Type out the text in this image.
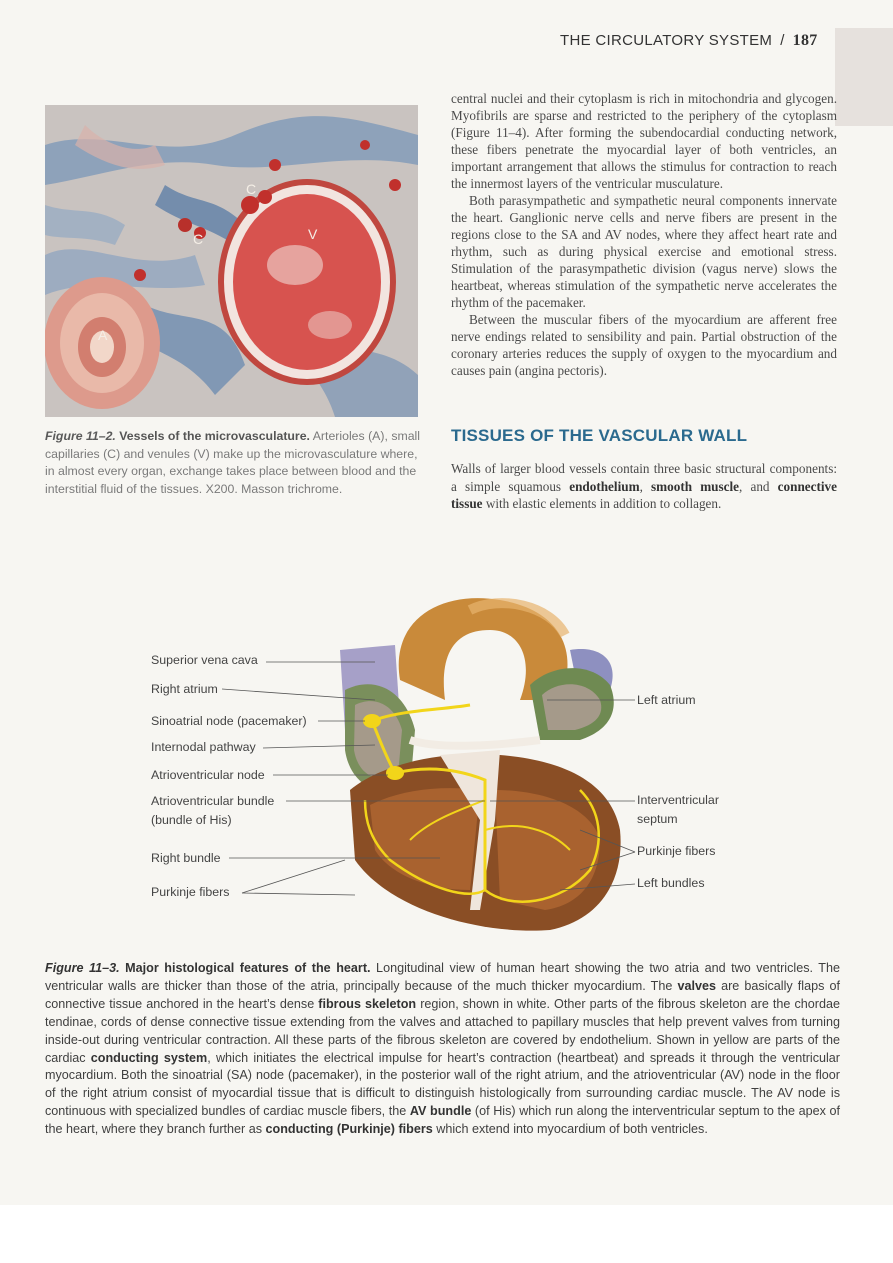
THE CIRCULATORY SYSTEM / 187
C
C	V
A
Figure 11–2. Vessels of the microvasculature. Arterioles (A), small capillaries (C) and venules (V) make up the microvasculature where, in almost every organ, exchange takes place between blood and the interstitial fluid of the tissues. X200. Masson trichrome.

central nuclei and their cytoplasm is rich in mitochondria and glycogen. Myofibrils are sparse and restricted to the periphery of the cytoplasm (Figure 11–4). After forming the subendocardial conducting network, these fibers penetrate the myocardial layer of both ventricles, an important arrangement that allows the stimulus for contraction to reach the innermost layers of the ventricular musculature.

Both parasympathetic and sympathetic neural components innervate the heart. Ganglionic nerve cells and nerve fibers are present in the regions close to the SA and AV nodes, where they affect heart rate and rhythm, such as during physical exercise and emotional stress. Stimulation of the parasympathetic division (vagus nerve) slows the heartbeat, whereas stimulation of the sympathetic nerve accelerates the rhythm of the pacemaker.

Between the muscular fibers of the myocardium are afferent free nerve endings related to sensibility and pain. Partial obstruction of the coronary arteries reduces the supply of oxygen to the myocardium and causes pain (angina pectoris).

TISSUES OF THE VASCULAR WALL
Walls of larger blood vessels contain three basic structural components: a simple squamous endothelium, smooth muscle, and connective tissue with elastic elements in addition to collagen.
Superior vena cava
Right atrium
Sinoatrial node (pacemaker)
Internodal pathway
Atrioventricular node
Atrioventricular bundle
(bundle of His)
Right bundle
Purkinje fibers
Left atrium
Interventricular
septum
Purkinje fibers
Left bundles
Figure 11–3. Major histological features of the heart. Longitudinal view of human heart showing the two atria and two ventricles. The ventricular walls are thicker than those of the atria, principally because of the much thicker myocardium. The valves are basically flaps of connective tissue anchored in the heart’s dense fibrous skeleton region, shown in white. Other parts of the fibrous skeleton are the chordae tendinae, cords of dense connective tissue extending from the valves and attached to papillary muscles that help prevent valves from turning inside-out during ventricular contraction. All these parts of the fibrous skeleton are covered by endothelium. Shown in yellow are parts of the cardiac conducting system, which initiates the electrical impulse for heart’s contraction (heartbeat) and spreads it through the ventricular myocardium. Both the sinoatrial (SA) node (pacemaker), in the posterior wall of the right atrium, and the atrioventricular (AV) node in the floor of the right atrium consist of myocardial tissue that is difficult to distinguish histologically from surrounding cardiac muscle. The AV node is continuous with specialized bundles of cardiac muscle fibers, the AV bundle (of His) which run along the interventricular septum to the apex of the heart, where they branch further as conducting (Purkinje) fibers which extend into myocardium of both ventricles.
